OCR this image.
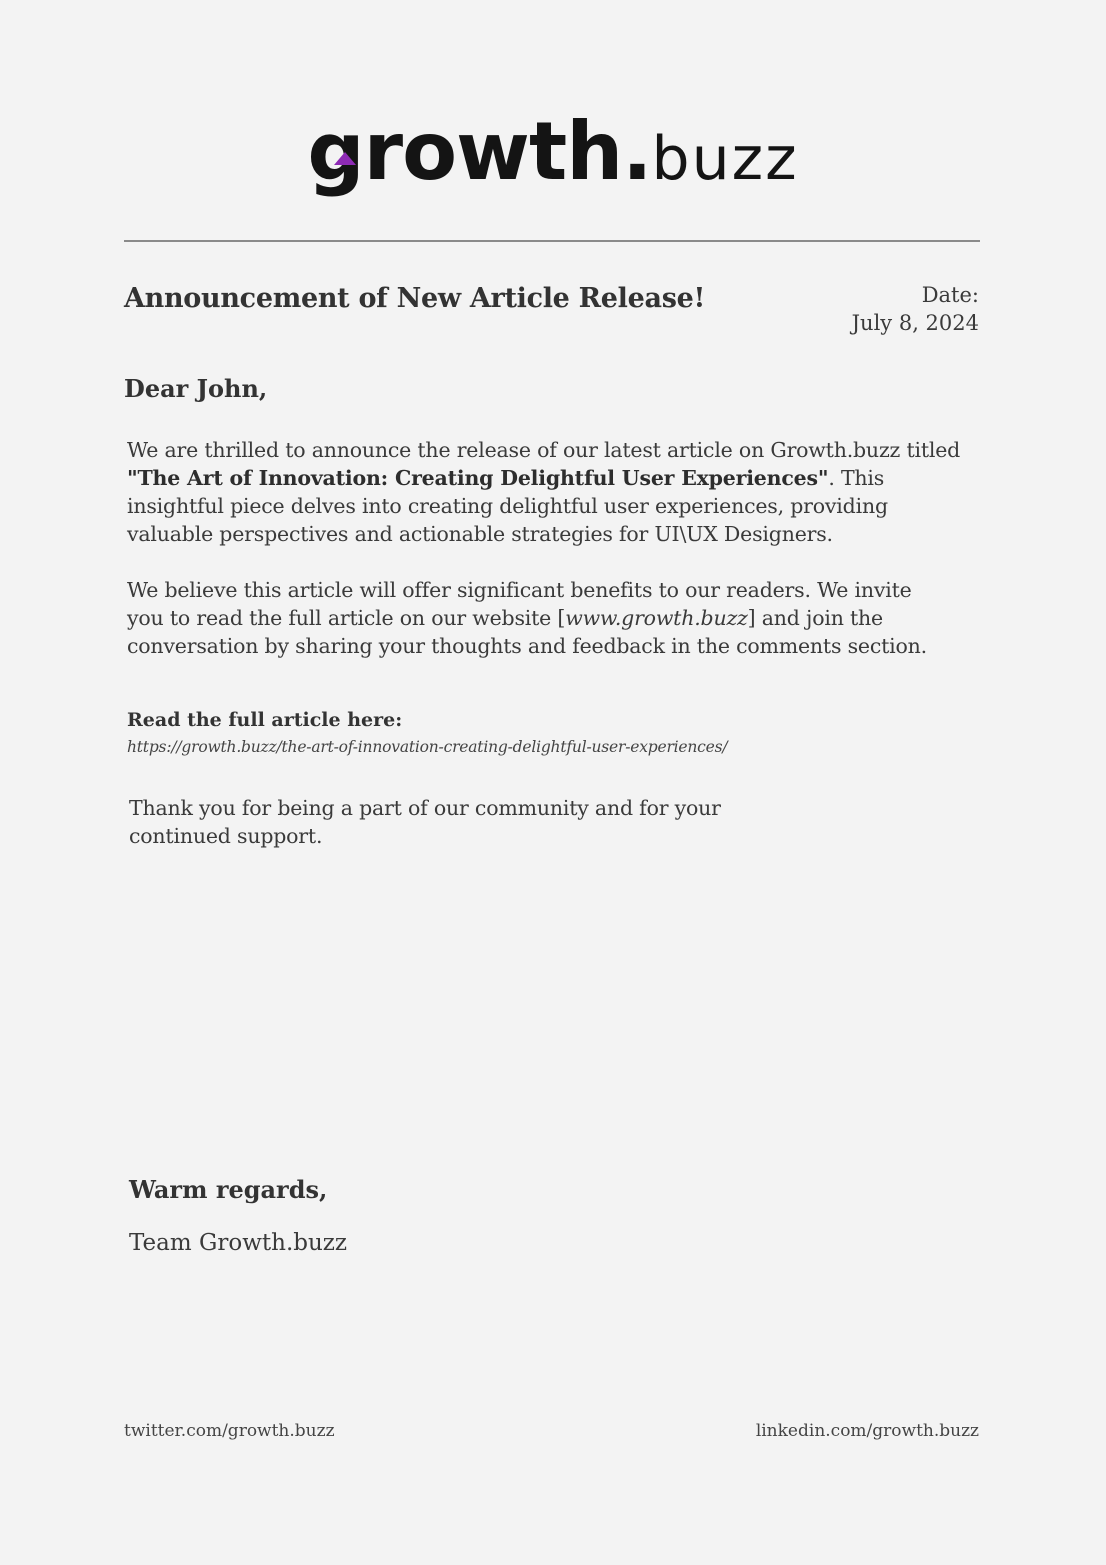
g
rowth. buzz
Announcement of New Article Release!	Date:
July 8, 2024

Dear John,

We are thrilled to announce the release of our latest article on Growth.buzz titled "The Art of Innovation: Creating Delightful User Experiences". This insightful piece delves into creating delightful user experiences, providing valuable perspectives and actionable strategies for UI\UX Designers.

We believe this article will offer significant benefits to our readers. We invite you to read the full article on our website [www.growth.buzz] and join the conversation by sharing your thoughts and feedback in the comments section.

Read the full article here:

https://growth.buzz/the-art-of-innovation-creating-delightful-user-experiences/

Thank you for being a part of our community and for your continued support.

Warm regards,

Team Growth.buzz

twitter.com/growth.buzz	linkedin.com/growth.buzz
